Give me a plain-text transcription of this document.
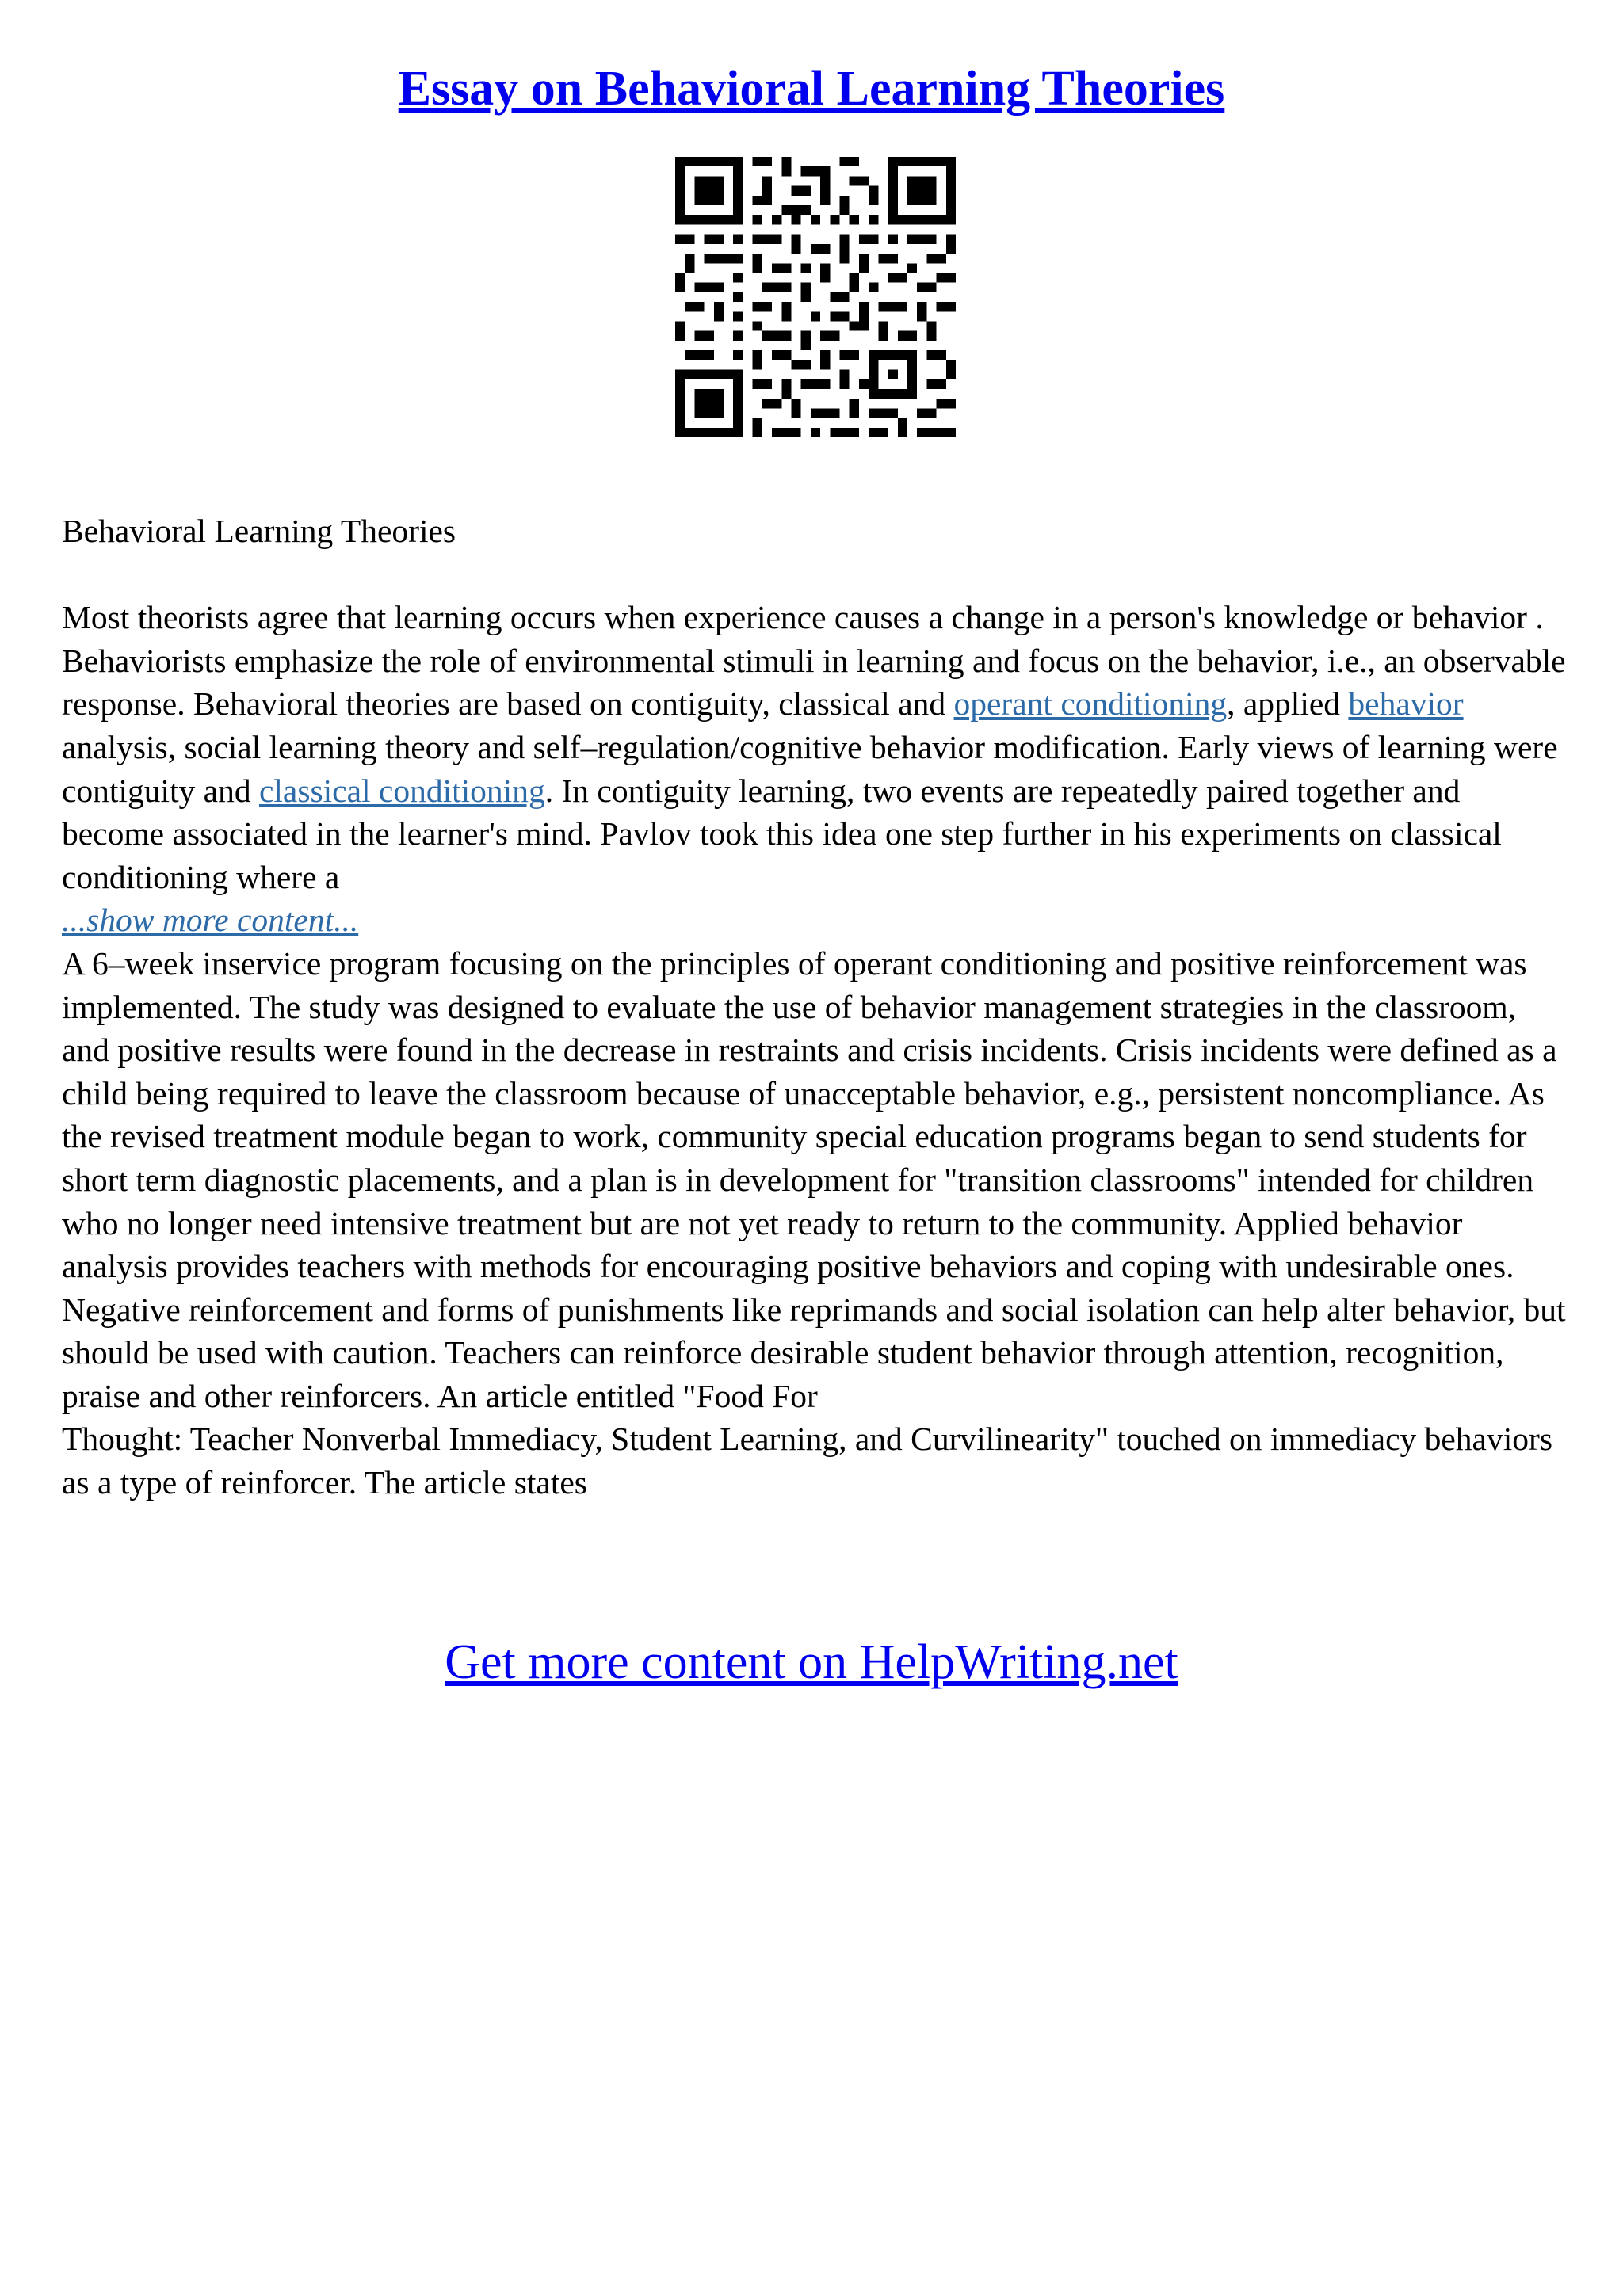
Essay on Behavioral Learning Theories

Behavioral Learning Theories

Most theorists agree that learning occurs when experience causes a change in a person's knowledge or behavior . Behaviorists emphasize the role of environmental stimuli in learning and focus on the behavior, i.e., an observable response. Behavioral theories are based on contiguity, classical and operant conditioning, applied behavior analysis, social learning theory and self–regulation/cognitive behavior modification. Early views of learning were contiguity and classical conditioning. In contiguity learning, two events are repeatedly paired together and become associated in the learner's mind. Pavlov took this idea one step further in his experiments on classical conditioning where a

...show more content...

A 6–week inservice program focusing on the principles of operant conditioning and positive reinforcement was implemented. The study was designed to evaluate the use of behavior management strategies in the classroom, and positive results were found in the decrease in restraints and crisis incidents. Crisis incidents were defined as a child being required to leave the classroom because of unacceptable behavior, e.g., persistent noncompliance. As the revised treatment module began to work, community special education programs began to send students for short term diagnostic placements, and a plan is in development for "transition classrooms" intended for children who no longer need intensive treatment but are not yet ready to return to the community. Applied behavior analysis provides teachers with methods for encouraging positive behaviors and coping with undesirable ones. Negative reinforcement and forms of punishments like reprimands and social isolation can help alter behavior, but should be used with caution. Teachers can reinforce desirable student behavior through attention, recognition, praise and other reinforcers. An article entitled "Food For

Thought: Teacher Nonverbal Immediacy, Student Learning, and Curvilinearity" touched on immediacy behaviors as a type of reinforcer. The article states

Get more content on HelpWriting.net
